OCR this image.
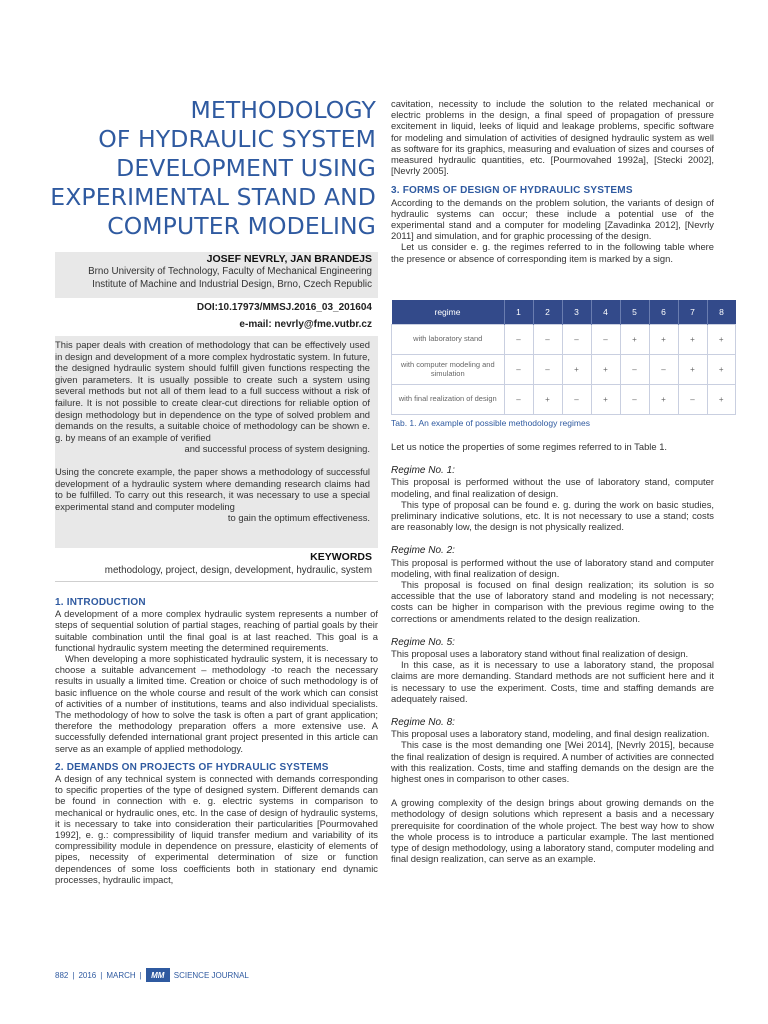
METHODOLOGY
OF HYDRAULIC SYSTEM
DEVELOPMENT USING
EXPERIMENTAL STAND AND
COMPUTER MODELING
JOSEF NEVRLY, JAN BRANDEJS
Brno University of Technology, Faculty of Mechanical Engineering
Institute of Machine and Industrial Design, Brno, Czech Republic
DOI:10.17973/MMSJ.2016_03_201604
e-mail: nevrly@fme.vutbr.cz

This paper deals with creation of methodology that can be effectively used in design and development of a more complex hydrostatic system. In future, the designed hydraulic system should fulfill given functions respecting the given parameters. It is usually possible to create such a system using several methods but not all of them lead to a full success without a risk of failure. It is not possible to create clear-cut directions for reliable option of design methodology but in dependence on the type of solved problem and demands on the results, a suitable choice of methodology can be shown e. g. by means of an example of verified

and successful process of system designing.

Using the concrete example, the paper shows a methodology of successful development of a hydraulic system where demanding research claims had to be fulfilled. To carry out this research, it was necessary to use a special experimental stand and computer modeling

to gain the optimum effectiveness.

KEYWORDS
methodology, project, design, development, hydraulic, system
1. INTRODUCTION

A development of a more complex hydraulic system represents a number of steps of sequential solution of partial stages, reaching of partial goals by their suitable combination until the final goal is at last reached. This goal is a functional hydraulic system meeting the determined requirements.

When developing a more sophisticated hydraulic system, it is necessary to choose a suitable advancement – methodology -to reach the necessary results in usually a limited time. Creation or choice of such methodology is of basic influence on the whole course and result of the work which can consist of activities of a number of institutions, teams and also individual specialists. The methodology of how to solve the task is often a part of grant application; therefore the methodology preparation offers a more extensive use. A successfully defended international grant project presented in this article can serve as an example of applied methodology.

2. DEMANDS ON PROJECTS OF HYDRAULIC SYSTEMS

A design of any technical system is connected with demands corresponding to specific properties of the type of designed system. Different demands can be found in connection with e. g. electric systems in comparison to mechanical or hydraulic ones, etc. In the case of design of hydraulic systems, it is necessary to take into consideration their particularities [Pourmovahed 1992], e. g.: compressibility of liquid transfer medium and variability of its compressibility module in dependence on pressure, elasticity of elements of pipes, necessity of experimental determination of size or function dependences of some loss coefficients both in stationary end dynamic processes, hydraulic impact,

cavitation, necessity to include the solution to the related mechanical or electric problems in the design, a final speed of propagation of pressure excitement in liquid, leeks of liquid and leakage problems, specific software for modeling and simulation of activities of designed hydraulic system as well as software for its graphics, measuring and evaluation of sizes and courses of measured hydraulic quantities, etc. [Pourmovahed 1992a], [Stecki 2002], [Nevrly 2005].

3. FORMS OF DESIGN OF HYDRAULIC SYSTEMS

According to the demands on the problem solution, the variants of design of hydraulic systems can occur; these include a potential use of the experimental stand and a computer for modeling [Zavadinka 2012], [Nevrly 2011] and simulation, and for graphic processing of the design.

Let us consider e. g. the regimes referred to in the following table where the presence or absence of corresponding item is marked by a sign.

regime	1	2	3	4	5	6	7	8
with laboratory stand	–	–	–	–	+	+	+	+
with computer modeling and simulation	–	–	+	+	–	–	+	+
with final realization of design	–	+	–	+	–	+	–	+
Tab. 1. An example of possible methodology regimes

Let us notice the properties of some regimes referred to in Table 1.

Regime No. 1:

This proposal is performed without the use of laboratory stand, computer modeling, and final realization of design.

This type of proposal can be found e. g. during the work on basic studies, preliminary indicative solutions, etc. It is not necessary to use a stand; costs are reasonably low, the design is not physically realized.

Regime No. 2:

This proposal is performed without the use of laboratory stand and computer modeling, with final realization of design.

This proposal is focused on final design realization; its solution is so accessible that the use of laboratory stand and modeling is not necessary; costs can be higher in comparison with the previous regime owing to the corrections or amendments related to the design realization.

Regime No. 5:

This proposal uses a laboratory stand without final realization of design.

In this case, as it is necessary to use a laboratory stand, the proposal claims are more demanding. Standard methods are not sufficient here and it is necessary to use the experiment. Costs, time and staffing demands are adequately raised.

Regime No. 8:

This proposal uses a laboratory stand, modeling, and final design realization.

This case is the most demanding one [Wei 2014], [Nevrly 2015], because the final realization of design is required. A number of activities are connected with this realization. Costs, time and staffing demands on the design are the highest ones in comparison to other cases.

A growing complexity of the design brings about growing demands on the methodology of design solutions which represent a basis and a necessary prerequisite for coordination of the whole project. The best way how to show the whole process is to introduce a particular example. The last mentioned type of design methodology, using a laboratory stand, computer modeling and final design realization, can serve as an example.

882 | 2016 | MARCH |	MM	SCIENCE JOURNAL
